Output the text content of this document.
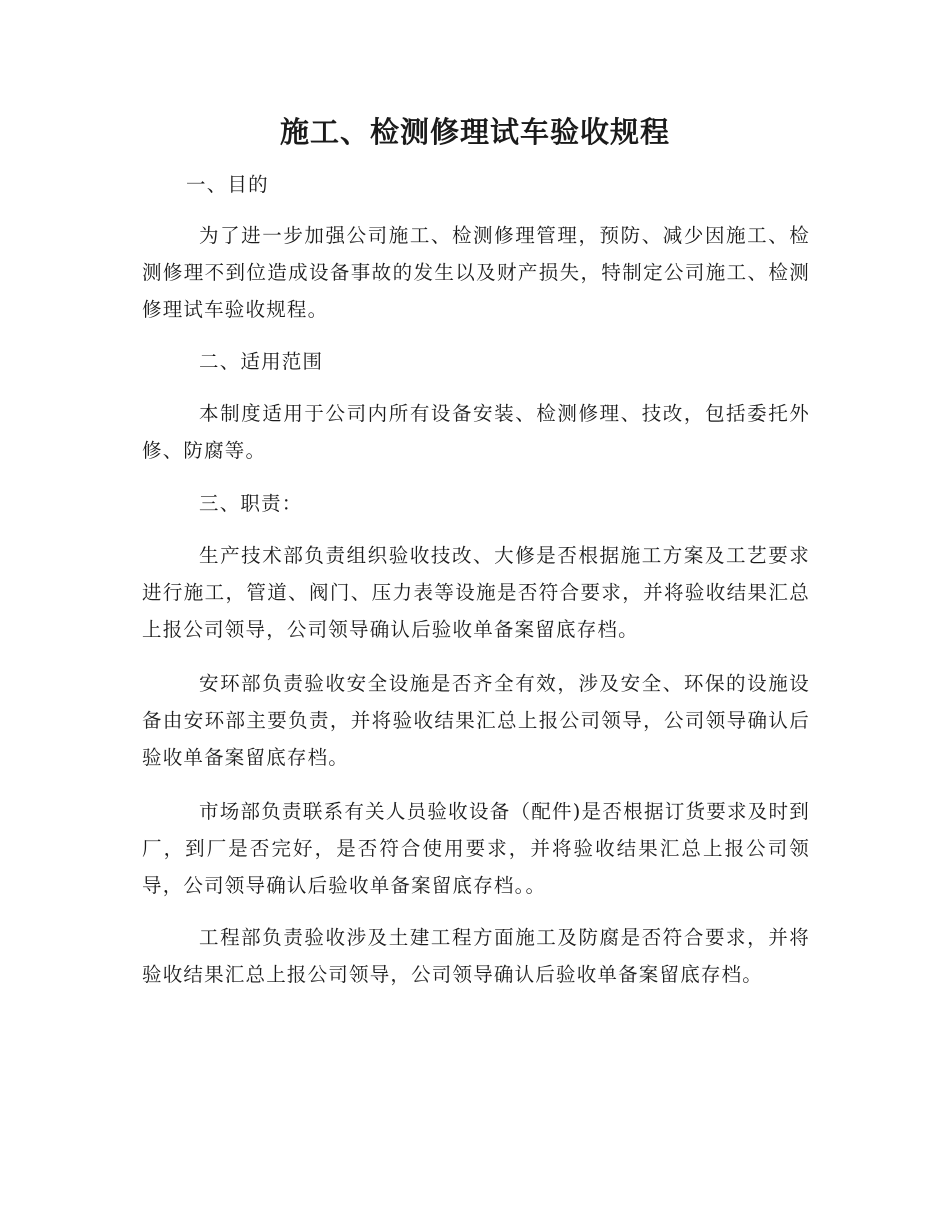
施工、检测修理试车验收规程
一、目的
为了进一步加强公司施工、检测修理管理，预防、减少因施工、检测修理不到位造成设备事故的发生以及财产损失，特制定公司施工、检测修理试车验收规程。
二、适用范围
本制度适用于公司内所有设备安装、检测修理、技改，包括委托外修、防腐等。
三、职责：
生产技术部负责组织验收技改、大修是否根据施工方案及工艺要求进行施工，管道、阀门、压力表等设施是否符合要求，并将验收结果汇总上报公司领导，公司领导确认后验收单备案留底存档。
安环部负责验收安全设施是否齐全有效，涉及安全、环保的设施设备由安环部主要负责，并将验收结果汇总上报公司领导，公司领导确认后验收单备案留底存档。
市场部负责联系有关人员验收设备（配件)是否根据订货要求及时到厂，到厂是否完好，是否符合使用要求，并将验收结果汇总上报公司领导，公司领导确认后验收单备案留底存档。。
工程部负责验收涉及土建工程方面施工及防腐是否符合要求，并将验收结果汇总上报公司领导，公司领导确认后验收单备案留底存档。
